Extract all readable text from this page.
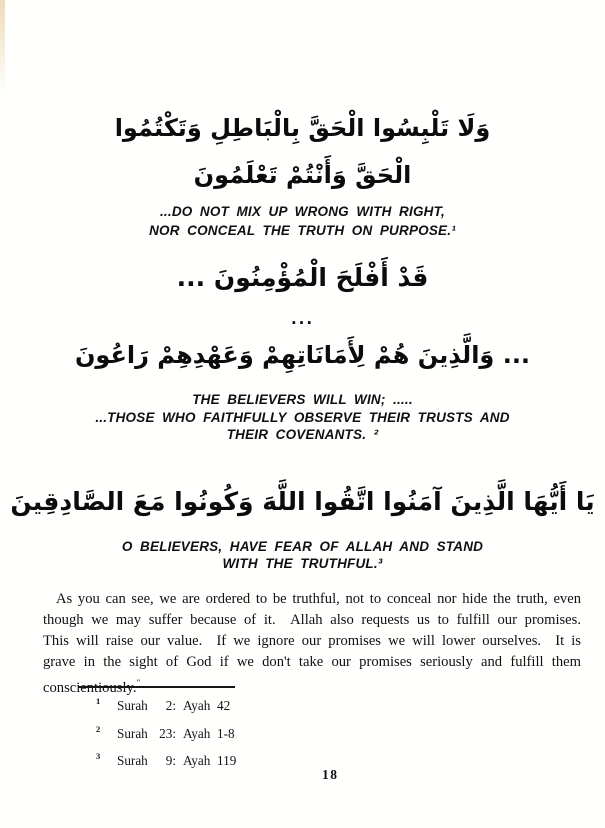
وَلَا تَلْبِسُوا الْحَقَّ بِالْبَاطِلِ وَتَكْتُمُوا
الْحَقَّ وَأَنْتُمْ تَعْلَمُونَ
...DO NOT MIX UP WRONG WITH RIGHT,
NOR CONCEAL THE TRUTH ON PURPOSE.¹
قَدْ أَفْلَحَ الْمُؤْمِنُونَ ...
...
... وَالَّذِينَ هُمْ لِأَمَانَاتِهِمْ وَعَهْدِهِمْ رَاعُونَ
THE BELIEVERS WILL WIN; .....
...THOSE WHO FAITHFULLY OBSERVE THEIR TRUSTS AND
THEIR COVENANTS. ²
يَا أَيُّهَا الَّذِينَ آمَنُوا اتَّقُوا اللَّهَ وَكُونُوا مَعَ الصَّادِقِينَ
O BELIEVERS, HAVE FEAR OF ALLAH AND STAND
WITH THE TRUTHFUL.³
As you can see, we are ordered to be truthful, not to conceal nor hide the truth, even though we may suffer because of it.  Allah also requests us to fulfill our promises.  This will raise our value.  If we ignore our promises we will lower ourselves.  It is grave in the sight of God if we don't take our promises seriously and fulfill them conscientiously."
1 Surah	2: Ayah 42
2 Surah 23: Ayah 1-8
3 Surah	9: Ayah 119
18
